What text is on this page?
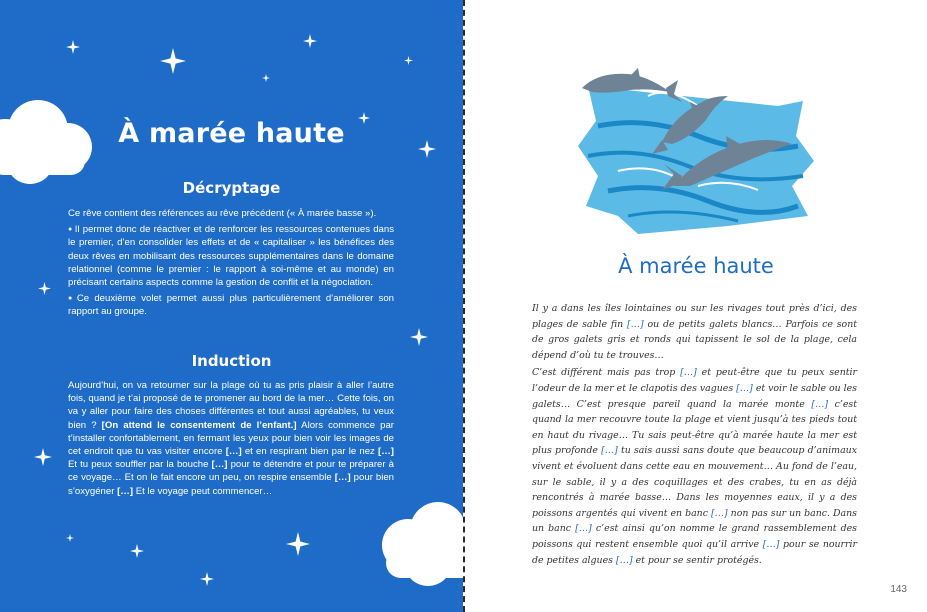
À marée haute
Décryptage

Ce rêve contient des références au rêve précédent (« À marée basse »).

● Il permet donc de réactiver et de renforcer les ressources contenues dans le premier, d’en consolider les effets et de « capitaliser » les bénéfices des deux rêves en mobilisant des ressources supplémentaires dans le domaine relationnel (comme le premier : le rapport à soi-même et au monde) en précisant certains aspects comme la gestion de conflit et la négociation.

● Ce deuxième volet permet aussi plus particulièrement d’améliorer son rapport au groupe.

Induction

Aujourd’hui, on va retourner sur la plage où tu as pris plaisir à aller l’autre fois, quand je t’ai proposé de te promener au bord de la mer… Cette fois, on va y aller pour faire des choses différentes et tout aussi agréables, tu veux bien ? [On attend le consentement de l’enfant.] Alors commence par t’installer confortablement, en fermant les yeux pour bien voir les images de cet endroit que tu vas visiter encore […] et en respirant bien par le nez […] Et tu peux souffler par la bouche […] pour te détendre et pour te préparer à ce voyage… Et on le fait encore un peu, on respire ensemble […] pour bien s’oxygéner […] Et le voyage peut commencer…

À marée haute

Il y a dans les îles lointaines ou sur les rivages tout près d’ici, des plages de sable fin […] ou de petits galets blancs… Parfois ce sont de gros galets gris et ronds qui tapissent le sol de la plage, cela dépend d’où tu te trouves…

C’est différent mais pas trop […] et peut-être que tu peux sentir l’odeur de la mer et le clapotis des vagues […] et voir le sable ou les galets… C’est presque pareil quand la marée monte […] c’est quand la mer recouvre toute la plage et vient jusqu’à tes pieds tout en haut du rivage… Tu sais peut-être qu’à marée haute la mer est plus profonde […] tu sais aussi sans doute que beaucoup d’animaux vivent et évoluent dans cette eau en mouvement… Au fond de l’eau, sur le sable, il y a des coquillages et des crabes, tu en as déjà rencontrés à marée basse… Dans les moyennes eaux, il y a des poissons argentés qui vivent en banc […] non pas sur un banc. Dans un banc […] c’est ainsi qu’on nomme le grand rassemblement des poissons qui restent ensemble quoi qu’il arrive […] pour se nourrir de petites algues […] et pour se sentir protégés.

143
